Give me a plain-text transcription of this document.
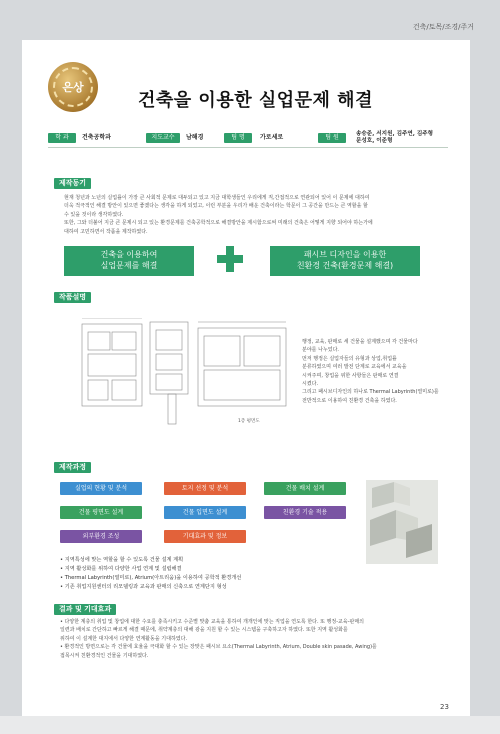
건축/토목/조경/주거
은상
건축을 이용한 실업문제 해결
학 과	건축공학과	지도교수	남해경	팀 명	가로세로	팀 원	송승준, 서지원, 김주연, 김주형
문성호, 이준형
제작동기
현재 청년과 노년의 실업률이 가장 큰 사회적 문제로 대두되고 있고 지금 대학생들인 우리에게 직,간접적으로 연관되어 있어 이 문제에 대하여
더욱 적극적인 해결 방안이 있으면 좋겠다는 생각을 하게 되었고, 이런 부분을 우리가 배운 건축이라는 학문이 그 공간을 만드는 큰 역할을 할
수 있을 것이라 생각하였다.
또한, 그와 더불어 지금 큰 문제시 되고 있는 환경문제를 건축공학적으로 해결방안을 제시함으로써 미래의 건축은 어떻게 지향 되어야 하는가에
대하여 고민하면서 작품을 제작하였다.
건축을 이용하여
실업문제를 해결
패시브 디자인을 이용한
친환경 건축(환경문제 해결)
작품설명
1층 평면도
행정, 교육, 판매로 세 건물을 설계했으며 각 건물마다
분야를 나누었다.
먼저 행정은 실업자들의 유형과 상업,취업률
분류하였으며 여러 발전 단계로 교육에서 교육을
시켜주며, 창업을 위한 사항들은 판매로 연결
시켰다.
그리고 패시브디자인의 하나로 Thermal Labyrinth(열미로)를
전반적으로 이용하여 친환경 건축을 하였다.
제작과정
실업의 현황 및 분석	토지 선정 및 분석	건물 배치 설계
건물 평면도 설계	건물 입면도 설계	친환경 기술 적용
외부환경 조성	기대효과 및 정보
• 지역특성에 맞는 역할을 할 수 있도록 건물 설계 계획
• 지역 활성화를 위하여 다양한 사업 연계 및 설립해결
• Thermal Labyrinth(열미로), Atrium(아트리움)을 이용하여 공학적 환경개선
• 기존 취업지원센터의 리모델링과 교육과 판매의 신축으로 연계단지 형성
결과 및 기대효과
• 다양한 계층의 취업 및 창업에 대한 수요를 충족시키고 수준별 맞춤 교육을 통하여 개개인에 맞는 직업을 연도록 한다. 또 행정-교육-판매의
일련과 배치로 간단하고 빠르게 해결 때문에, 취약계층의 대해 광을 지원 할 수 있는 시스템을 구축하고자 하였다. 또한 지역 활성화를
위하여 이 설계한 대지에서 다양한 연계활동을 기대하였다.
• 환경적인 방면으로는 각 건물에 효율을 극대화 할 수 있는 장맞은 패시브 요소(Thermal Labyrinth, Atrium, Double skin pasade, Awing)를
접목시켜 친환경적인 건물을 기대하였다.
23
